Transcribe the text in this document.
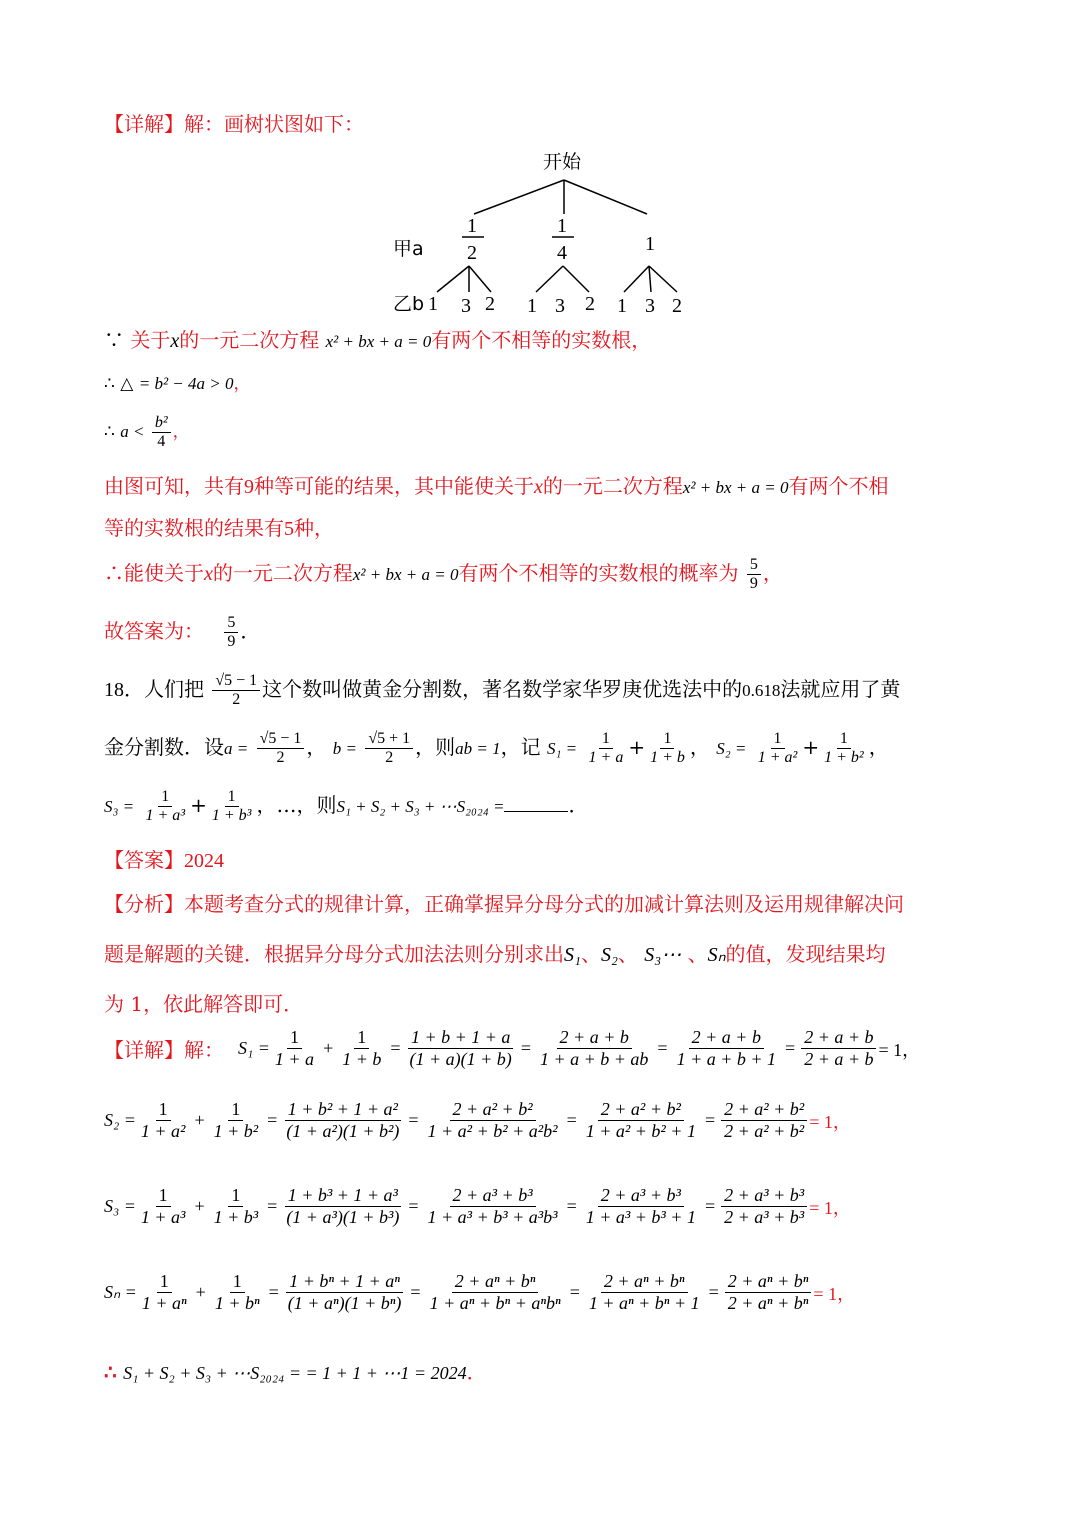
【详解】解：画树状图如下：
开始
甲a
1
2
1
4	1
乙b 1 3 2 1 3 2 1 3 2
∵ 关于x的一元二次方程 x² + bx + a = 0有两个不相等的实数根，
∴ △ = b² − 4a > 0，
∴ $a < \frac{\text{b²}}{4}$ ，
由图可知，共有9种等可能的结果，其中能使关于x的一元二次方程x² + bx + a = 0有两个不相
等的实数根的结果有5种，
∴能使关于x的一元二次方程x² + bx + a = 0有两个不相等的实数根的概率为 $\frac{5}{9}$ ，
故答案为： $\frac{5}{9}$ ．
18．人们把 $\frac{√5 - 1}{2}$ 这个数叫做黄金分割数，著名数学家华罗庚优选法中的0.618法就应用了黄
金分割数．设$a = \frac{√5 - 1}{2}$ ， $b = \frac{√5 + 1}{2}$ ，则ab = 1，记 $S_1 = \frac{1}{1 + a} + \frac{1}{1 + b}$ ， $S_2 = \frac{1}{\text{1 + a²}} + \frac{1}{\text{1 + b²}}$ ，
$S_3 = \frac{1}{\text{1 + a³}} + \frac{1}{\text{1 + b³}}$ ，…，则S₁ + S₂ + S₃ + ⋯S₂₀₂₄ =	．
【答案】2024
【分析】本题考查分式的规律计算，正确掌握异分母分式的加减计算法则及运用规律解决问
题是解题的关键．根据异分母分式加法法则分别求出S₁、S₂、 S₃⋯ 、Sₙ的值，发现结果均
为 1，依此解答即可．
【详解】 解： $S_1 = \frac{1}{1 + a} + \frac{1}{1 + b} = \frac{1 + b + 1 + a}{(1 + a)(1 + b)} = \frac{2 + a + b}{1 + a + b + ab} = \frac{2 + a + b}{1 + a + b + 1} = \frac{2 + a + b}{2 + a + b} = 1$，
$S_2 = \frac{1}{\text{1 + a²}} + \frac{1}{\text{1 + b²}} = \frac{\text{1 + b² + 1 + a²}}{\text{(1 + a²)(1 + b²)}} = \frac{\text{2 + a² + b²}}{\text{1 + a² + b² + a²b²}} = \frac{\text{2 + a² + b²}}{\text{1 + a² + b² + 1}} = \frac{\text{2 + a² + b²}}{\text{2 + a² + b²}} = 1$，
$S_3 = \frac{1}{\text{1 + a³}} + \frac{1}{\text{1 + b³}} = \frac{\text{1 + b³ + 1 + a³}}{\text{(1 + a³)(1 + b³)}} = \frac{\text{2 + a³ + b³}}{\text{1 + a³ + b³ + a³b³}} = \frac{\text{2 + a³ + b³}}{\text{1 + a³ + b³ + 1}} = \frac{\text{2 + a³ + b³}}{\text{2 + a³ + b³}} = 1$，
$S_n = \frac{1}{\text{1 + aⁿ}} + \frac{1}{\text{1 + bⁿ}} = \frac{\text{1 + bⁿ + 1 + aⁿ}}{\text{(1 + aⁿ)(1 + bⁿ)}} = \frac{\text{2 + aⁿ + bⁿ}}{\text{1 + aⁿ + bⁿ + aⁿbⁿ}} = \frac{\text{2 + aⁿ + bⁿ}}{\text{1 + aⁿ + bⁿ + 1}} = \frac{\text{2 + aⁿ + bⁿ}}{\text{2 + aⁿ + bⁿ}} = 1$，
∴ S₁ + S₂ + S₃ + ⋯S₂₀₂₄ = = 1 + 1 + ⋯1 = 2024．
